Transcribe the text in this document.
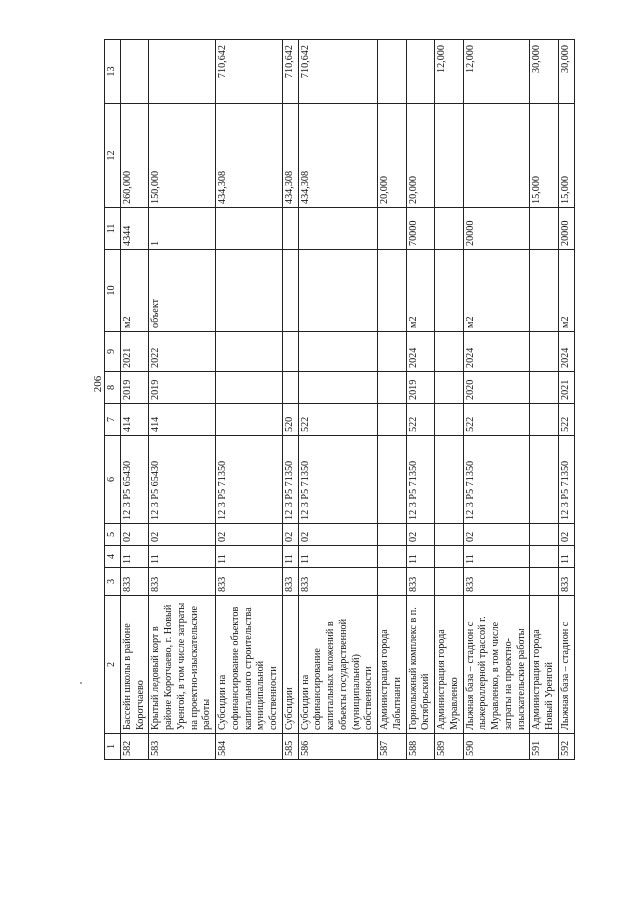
206
1	2	3	4	5	6	7	8	9	10	11	12	13
582	Бассейн школы в районе Коротчаево	833	11	02	12 3 P5 65430	414	2019	2021	м2	4344	260,000	
583	Крытый ледовый корт в районе Коротчаево, г. Новый Уренгой, в том числе затраты на проектно-изыскательские работы	833	11	02	12 3 P5 65430	414	2019	2022	объект	1	150,000	
584	Субсидии на софинансирование объектов капитального строительства муниципальной собственности	833	11	02	12 3 P5 71350						434,308	710,642
585	Субсидии	833	11	02	12 3 P5 71350	520					434,308	710,642
586	Субсидии на софинансирование капитальных вложений в объекты государственной (муниципальной) собственности	833	11	02	12 3 P5 71350	522					434,308	710,642
587	Администрация города Лабытнанги										20,000	
588	Горнолыжный комплекс в п. Октябрьский	833	11	02	12 3 P5 71350	522	2019	2024	м2	70000	20,000	
589	Администрация города Муравленко											12,000
590	Лыжная база – стадион с лыжероллерной трассой г. Муравленко, в том числе затраты на проектно-изыскательские работы	833	11	02	12 3 P5 71350	522	2020	2024	м2	20000		12,000
591	Администрация города Новый Уренгой										15,000	30,000
592	Лыжная база – стадион с	833	11	02	12 3 P5 71350	522	2021	2024	м2	20000	15,000	30,000
